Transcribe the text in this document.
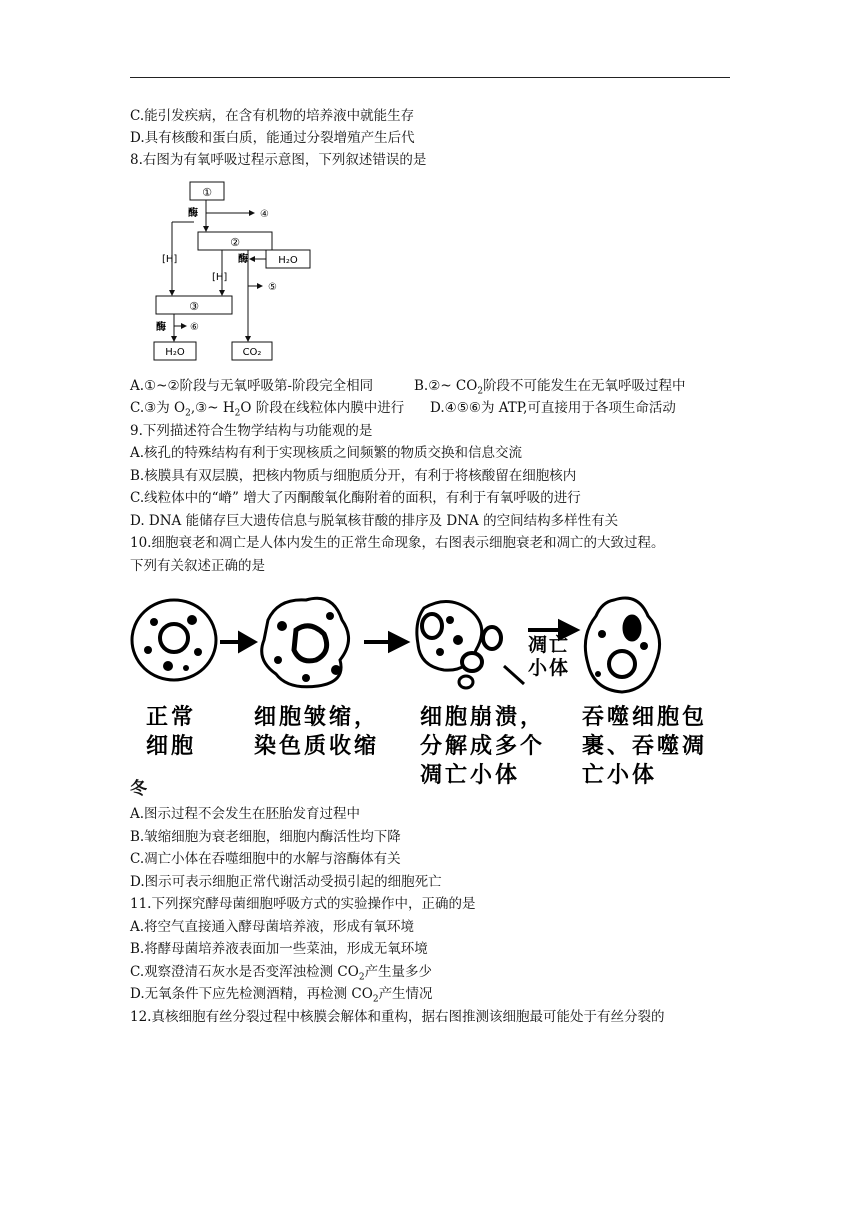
C.能引发疾病，在含有机物的培养液中就能生存
D.具有核酸和蛋白质，能通过分裂增殖产生后代
8.右图为有氧呼吸过程示意图，下列叙述错误的是
①
②
③
酶
酶
酶
④
⑤
⑥
[H]
[H]
H₂O
H₂O	CO₂
A.①~②阶段与无氧呼吸第-阶段完全相同	B.②~ $CO_2$阶段不可能发生在无氧呼吸过程中
C.③为 $O_2,③\sim$ $H_2O$ 阶段在线粒体内膜中进行 D.④⑤⑥为 ATP,可直接用于各项生命活动
9.下列描述符合生物学结构与功能观的是
A.核孔的特殊结构有利于实现核质之间频繁的物质交换和信息交流
B.核膜具有双层膜，把核内物质与细胞质分开，有利于将核酸留在细胞核内
C.线粒体中的“嵴” 增大了丙酮酸氧化酶附着的面积，有利于有氧呼吸的进行
D. DNA 能储存巨大遗传信息与脱氧核苷酸的排序及 DNA 的空间结构多样性有关
10.细胞衰老和凋亡是人体内发生的正常生命现象，右图表示细胞衰老和凋亡的大致过程。
下列有关叙述正确的是
凋亡
小体
正常
细胞
细胞皱缩，
染色质收缩
细胞崩溃，
分解成多个
凋亡小体
吞噬细胞包
裹、吞噬凋
亡小体
冬
A.图示过程不会发生在胚胎发育过程中
B.皱缩细胞为衰老细胞，细胞内酶活性均下降
C.凋亡小体在吞噬细胞中的水解与溶酶体有关
D.图示可表示细胞正常代谢活动受损引起的细胞死亡
11.下列探究酵母菌细胞呼吸方式的实验操作中，正确的是
A.将空气直接通入酵母菌培养液，形成有氧环境
B.将酵母菌培养液表面加一些菜油，形成无氧环境
C.观察澄清石灰水是否变浑浊检测 $CO_2$产生量多少
D.无氧条件下应先检测酒精，再检测 $CO_2$产生情况
12.真核细胞有丝分裂过程中核膜会解体和重构，据右图推测该细胞最可能处于有丝分裂的
